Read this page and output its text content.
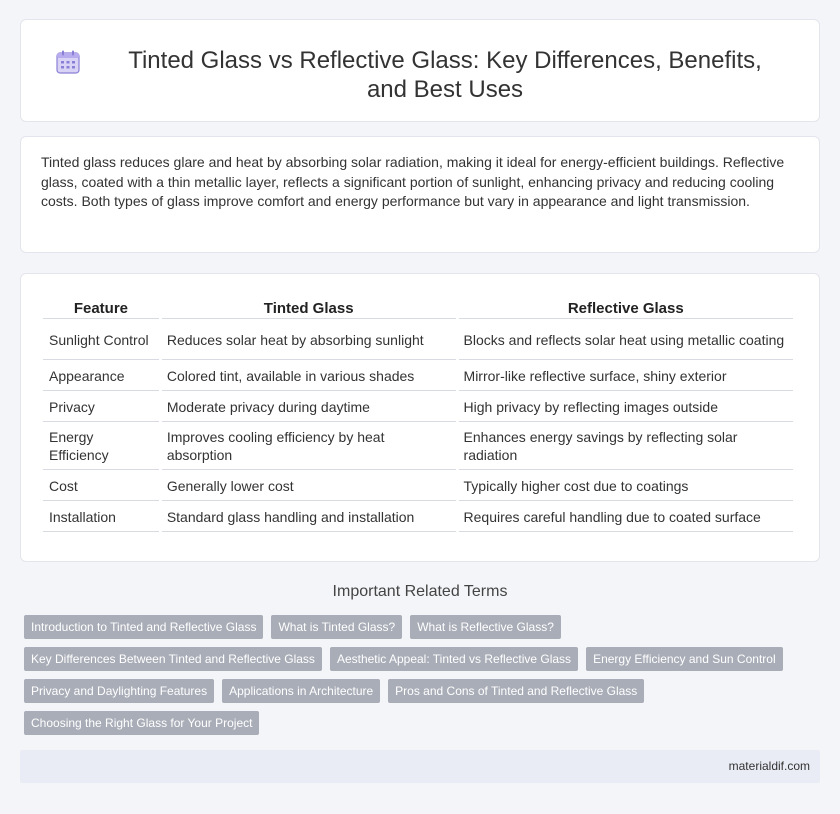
Tinted Glass vs Reflective Glass: Key Differences, Benefits, and Best Uses

Tinted glass reduces glare and heat by absorbing solar radiation, making it ideal for energy-efficient buildings. Reflective glass, coated with a thin metallic layer, reflects a significant portion of sunlight, enhancing privacy and reducing cooling costs. Both types of glass improve comfort and energy performance but vary in appearance and light transmission.

Feature	Tinted Glass	Reflective Glass
Sunlight Control	Reduces solar heat by absorbing sunlight	Blocks and reflects solar heat using metallic coating
Appearance	Colored tint, available in various shades	Mirror-like reflective surface, shiny exterior
Privacy	Moderate privacy during daytime	High privacy by reflecting images outside
Energy Efficiency	Improves cooling efficiency by heat absorption	Enhances energy savings by reflecting solar radiation
Cost	Generally lower cost	Typically higher cost due to coatings
Installation	Standard glass handling and installation	Requires careful handling due to coated surface
Important Related Terms
Introduction to Tinted and Reflective Glass	What is Tinted Glass?	What is Reflective Glass?
Key Differences Between Tinted and Reflective Glass	Aesthetic Appeal: Tinted vs Reflective Glass	Energy Efficiency and Sun Control
Privacy and Daylighting Features	Applications in Architecture	Pros and Cons of Tinted and Reflective Glass
Choosing the Right Glass for Your Project
materialdif.com
